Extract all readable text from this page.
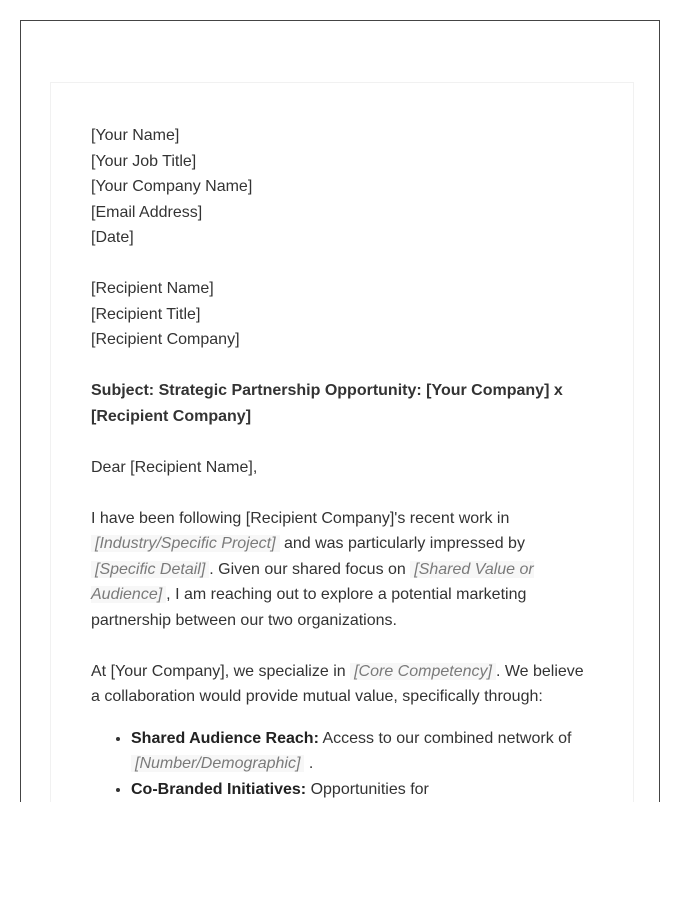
[Your Name]
[Your Job Title]
[Your Company Name]
[Email Address]
[Date]
[Recipient Name]
[Recipient Title]
[Recipient Company]
Subject: Strategic Partnership Opportunity: [Your Company] x
[Recipient Company]

Dear [Recipient Name],

I have been following [Recipient Company]'s recent work in
[Industry/Specific Project] and was particularly impressed by
[Specific Detail] . Given our shared focus on [Shared Value or Audience] , I am reaching out to explore a potential marketing partnership between our two organizations.

At [Your Company], we specialize in [Core Competency] . We believe a collaboration would provide mutual value, specifically through:

• Shared Audience Reach: Access to our combined network of
[Number/Demographic] .
• Co-Branded Initiatives: Opportunities for
